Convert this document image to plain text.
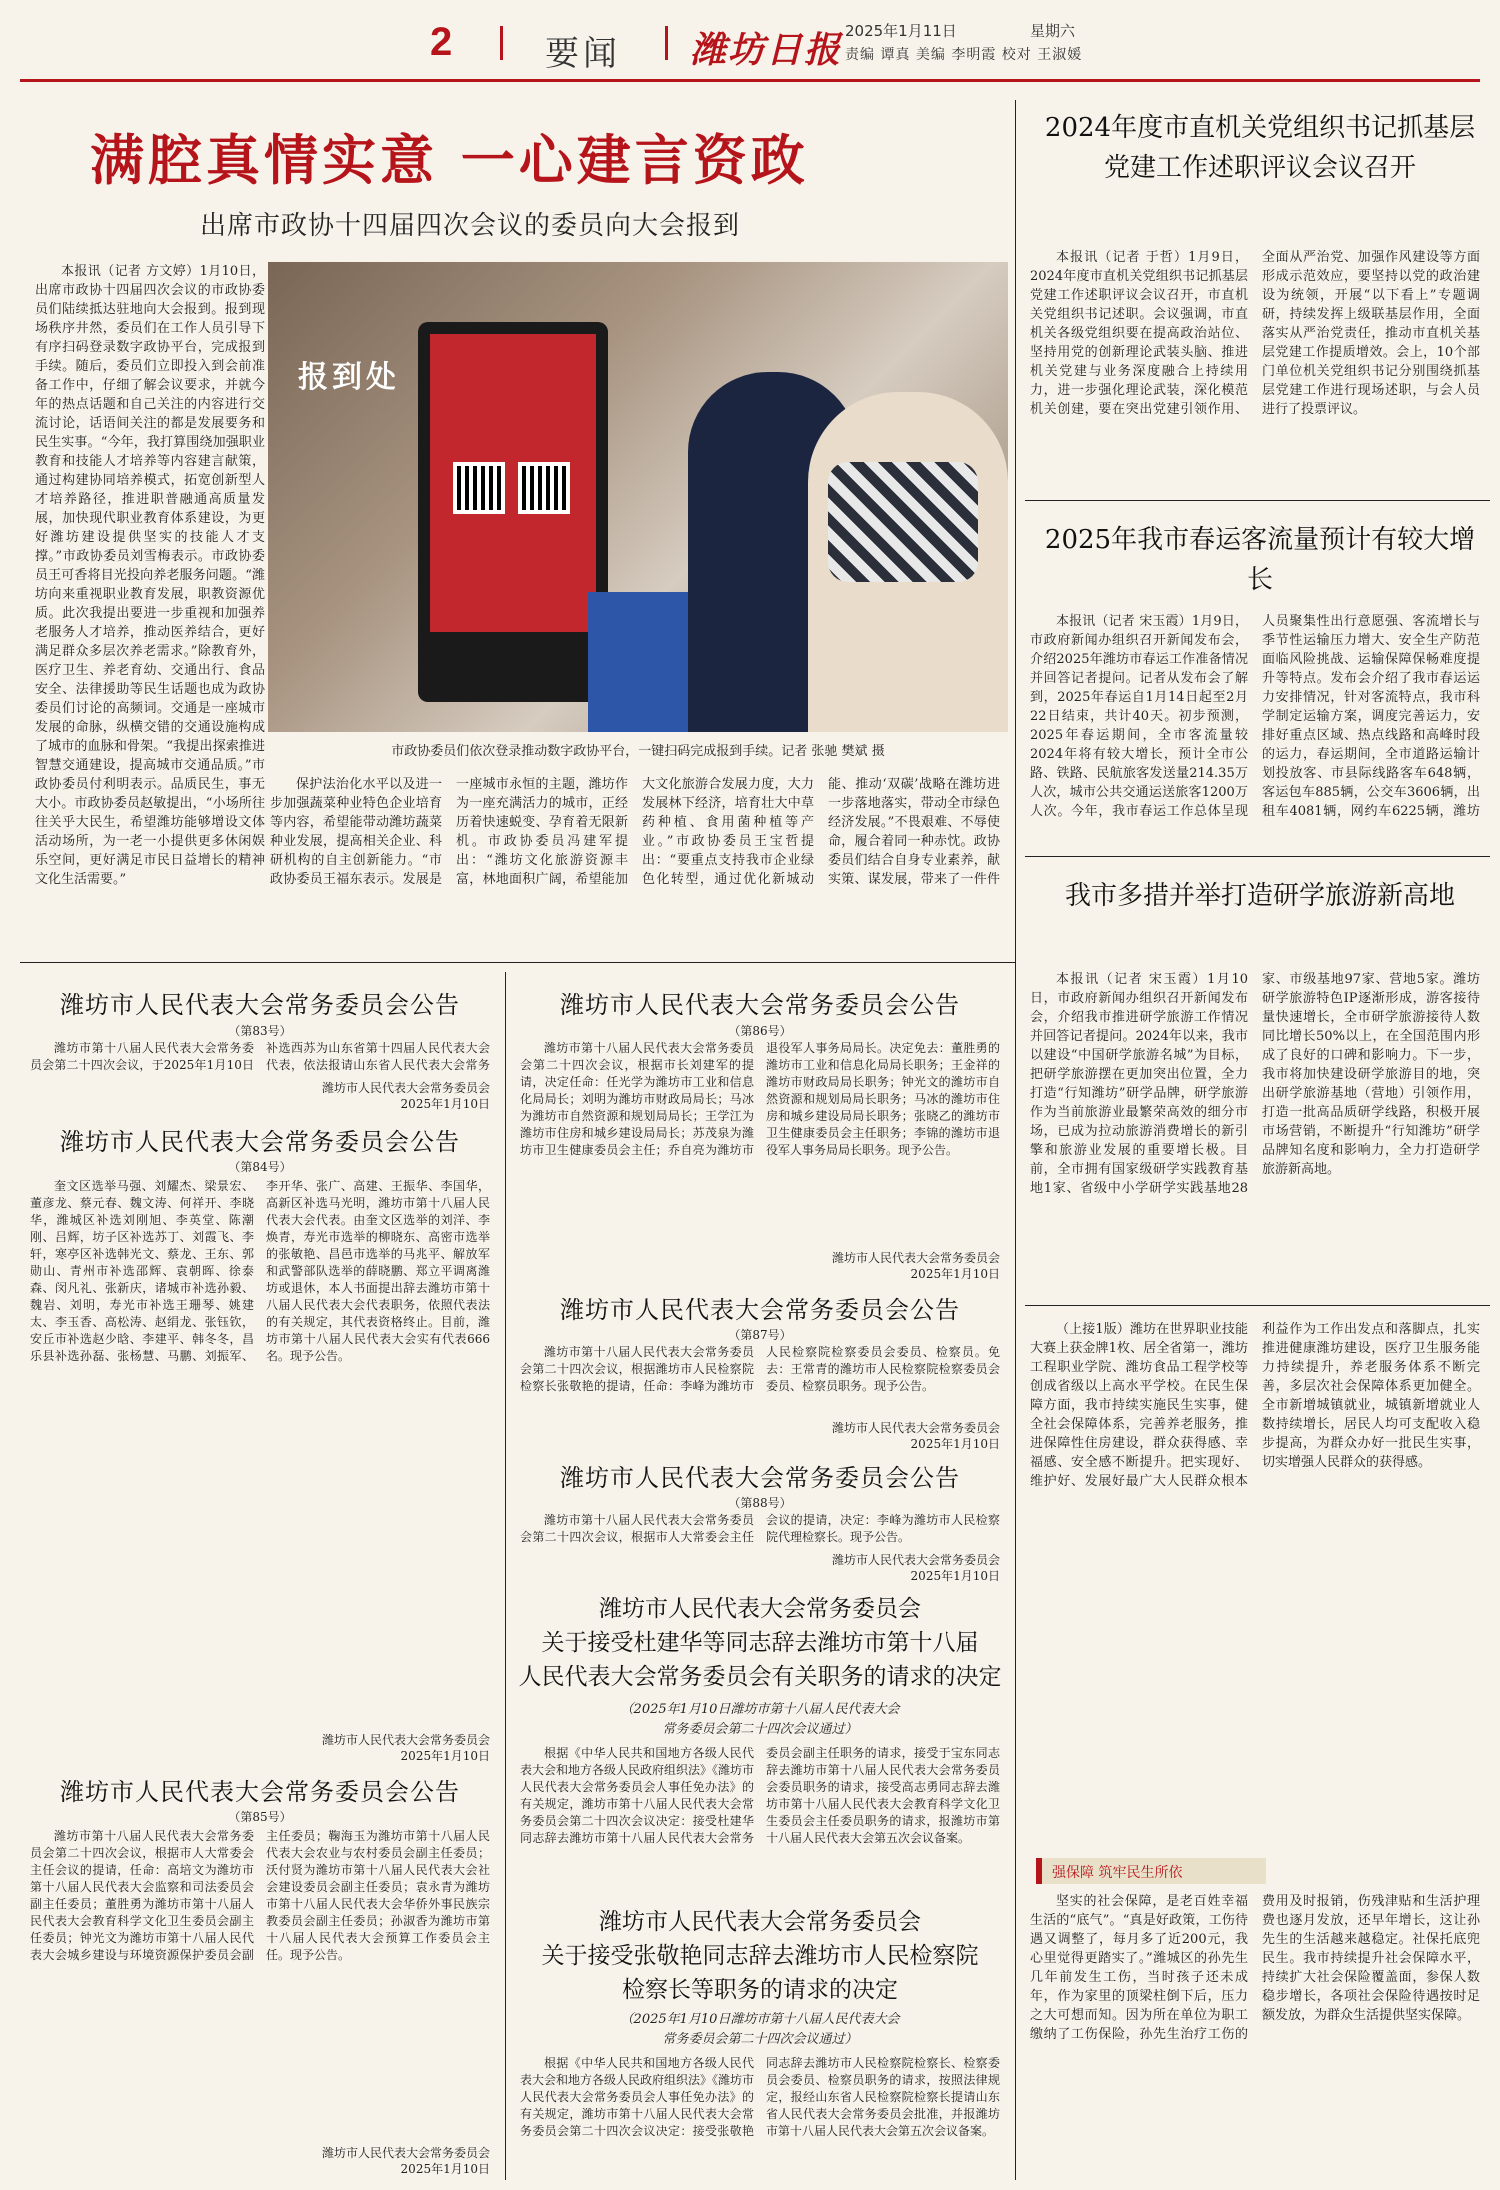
2	要闻 潍坊日报 2025年1月11日	星期六
责编 谭真 美编 李明霞 校对 王淑媛
满腔真情实意 一心建言资政
出席市政协十四届四次会议的委员向大会报到

本报讯（记者 方文婷）1月10日，出席市政协十四届四次会议的市政协委员们陆续抵达驻地向大会报到。报到现场秩序井然，委员们在工作人员引导下有序扫码登录数字政协平台，完成报到手续。随后，委员们立即投入到会前准备工作中，仔细了解会议要求，并就今年的热点话题和自己关注的内容进行交流讨论，话语间关注的都是发展要务和民生实事。“今年，我打算围绕加强职业教育和技能人才培养等内容建言献策，通过构建协同培养模式，拓宽创新型人才培养路径，推进职普融通高质量发展，加快现代职业教育体系建设，为更好潍坊建设提供坚实的技能人才支撑。”市政协委员刘雪梅表示。市政协委员王可香将目光投向养老服务问题。“潍坊向来重视职业教育发展，职教资源优质。此次我提出要进一步重视和加强养老服务人才培养，推动医养结合，更好满足群众多层次养老需求。”除教育外，医疗卫生、养老育幼、交通出行、食品安全、法律援助等民生话题也成为政协委员们讨论的高频词。交通是一座城市发展的命脉，纵横交错的交通设施构成了城市的血脉和骨架。“我提出探索推进智慧交通建设，提高城市交通品质。”市政协委员付利明表示。品质民生，事无大小。市政协委员赵敏提出，“小场所往往关乎大民生，希望潍坊能够增设文体活动场所，为一老一小提供更多休闲娱乐空间，更好满足市民日益增长的精神文化生活需要。”

报到处
市政协委员们依次登录推动数字政协平台，一键扫码完成报到手续。记者 张驰 樊斌 摄

保护法治化水平以及进一步加强蔬菜种业特色企业培育等内容，希望能带动潍坊蔬菜种业发展，提高相关企业、科研机构的自主创新能力。“市政协委员王福东表示。发展是一座城市永恒的主题，潍坊作为一座充满活力的城市，正经历着快速蜕变、孕育着无限新机。市政协委员冯建军提出：“潍坊文化旅游资源丰富，林地面积广阔，希望能加大文化旅游合发展力度，大力发展林下经济，培育壮大中草药种植、食用菌种植等产业。”市政协委员王宝哲提出：“要重点支持我市企业绿色化转型，通过优化新城动能、推动‘双碳’战略在潍坊进一步落地落实，带动全市绿色经济发展。”不畏艰难、不辱使命，履合着同一种赤忱。政协委员们结合自身专业素养，献实策、谋发展，带来了一件件

2024年度市直机关党组织书记抓基层党建工作述职评议会议召开

本报讯（记者 于哲）1月9日，2024年度市直机关党组织书记抓基层党建工作述职评议会议召开，市直机关党组织书记述职。会议强调，市直机关各级党组织要在提高政治站位、坚持用党的创新理论武装头脑、推进机关党建与业务深度融合上持续用力，进一步强化理论武装，深化模范机关创建，要在突出党建引领作用、全面从严治党、加强作风建设等方面形成示范效应，要坚持以党的政治建设为统领，开展“以下看上”专题调研，持续发挥上级联基层作用，全面落实从严治党责任，推动市直机关基层党建工作提质增效。会上，10个部门单位机关党组织书记分别围绕抓基层党建工作进行现场述职，与会人员进行了投票评议。

2025年我市春运客流量预计有较大增长

本报讯（记者 宋玉霞）1月9日，市政府新闻办组织召开新闻发布会，介绍2025年潍坊市春运工作准备情况并回答记者提问。记者从发布会了解到，2025年春运自1月14日起至2月22日结束，共计40天。初步预测，2025年春运期间，全市客流量较2024年将有较大增长，预计全市公路、铁路、民航旅客发送量214.35万人次，城市公共交通运送旅客1200万人次。今年，我市春运工作总体呈现人员聚集性出行意愿强、客流增长与季节性运输压力增大、安全生产防范面临风险挑战、运输保障保畅难度提升等特点。发布会介绍了我市春运运力安排情况，针对客流特点，我市科学制定运输方案，调度完善运力，安排好重点区域、热点线路和高峰时段的运力，春运期间，全市道路运输计划投放客、市县际线路客车648辆，客运包车885辆，公交车3606辆，出租车4081辆，网约车6225辆，潍坊

我市多措并举打造研学旅游新高地

本报讯（记者 宋玉霞）1月10日，市政府新闻办组织召开新闻发布会，介绍我市推进研学旅游工作情况并回答记者提问。2024年以来，我市以建设“中国研学旅游名城”为目标，把研学旅游摆在更加突出位置，全力打造“行知潍坊”研学品牌，研学旅游作为当前旅游业最繁荣高效的细分市场，已成为拉动旅游消费增长的新引擎和旅游业发展的重要增长极。目前，全市拥有国家级研学实践教育基地1家、省级中小学研学实践基地28家、市级基地97家、营地5家。潍坊研学旅游特色IP逐渐形成，游客接待量快速增长，全市研学旅游接待人数同比增长50%以上，在全国范围内形成了良好的口碑和影响力。下一步，我市将加快建设研学旅游目的地，突出研学旅游基地（营地）引领作用，打造一批高品质研学线路，积极开展市场营销，不断提升“行知潍坊”研学品牌知名度和影响力，全力打造研学旅游新高地。

（上接1版）潍坊在世界职业技能大赛上获金牌1枚、居全省第一，潍坊工程职业学院、潍坊食品工程学校等创成省级以上高水平学校。在民生保障方面，我市持续实施民生实事，健全社会保障体系，完善养老服务，推进保障性住房建设，群众获得感、幸福感、安全感不断提升。把实现好、维护好、发展好最广大人民群众根本利益作为工作出发点和落脚点，扎实推进健康潍坊建设，医疗卫生服务能力持续提升，养老服务体系不断完善，多层次社会保障体系更加健全。全市新增城镇就业，城镇新增就业人数持续增长，居民人均可支配收入稳步提高，为群众办好一批民生实事，切实增强人民群众的获得感。

强保障 筑牢民生所依

坚实的社会保障，是老百姓幸福生活的“底气”。“真是好政策，工伤待遇又调整了，每月多了近200元，我心里觉得更踏实了。”潍城区的孙先生几年前发生工伤，当时孩子还未成年，作为家里的顶梁柱倒下后，压力之大可想而知。因为所在单位为职工缴纳了工伤保险，孙先生治疗工伤的费用及时报销，伤残津贴和生活护理费也逐月发放，还早年增长，这让孙先生的生活越来越稳定。社保托底兜民生。我市持续提升社会保障水平，持续扩大社会保险覆盖面，参保人数稳步增长，各项社会保险待遇按时足额发放，为群众生活提供坚实保障。

潍坊市人民代表大会常务委员会公告
（第83号）

潍坊市第十八届人民代表大会常务委员会第二十四次会议，于2025年1月10日补选西苏为山东省第十四届人民代表大会代表，依法报请山东省人民代表大会常务

潍坊市人民代表大会常务委员会
2025年1月10日
潍坊市人民代表大会常务委员会公告
（第84号）

奎文区选举马强、刘耀杰、梁景宏、董彦龙、蔡元春、魏文涛、何祥开、李晓华，潍城区补选刘刚旭、李英堂、陈潮刚、吕辉，坊子区补选苏丁、刘霞飞、李轩，寒亭区补选韩光文、蔡龙、王东、郭勋山、青州市补选邵辉、袁朝晖、徐泰森、闵凡礼、张新庆，诸城市补选孙毅、魏岩、刘明，寿光市补选王珊琴、姚建太、李玉香、高松涛、赵绢龙、张钰钦，安丘市补选赵少晗、李建平、韩冬冬，昌乐县补选孙磊、张杨慧、马鹏、刘振军、李开华、张广、高建、王振华、李国华，高新区补选马光明，潍坊市第十八届人民代表大会代表。由奎文区选举的刘洋、李焕青，寿光市选举的柳晓东、高密市选举的张敏艳、昌邑市选举的马兆平、解放军和武警部队选举的薛晓鹏、郑立平调离潍坊或退休，本人书面提出辞去潍坊市第十八届人民代表大会代表职务，依照代表法的有关规定，其代表资格终止。目前，潍坊市第十八届人民代表大会实有代表666名。现予公告。

潍坊市人民代表大会常务委员会
2025年1月10日
潍坊市人民代表大会常务委员会公告
（第85号）

潍坊市第十八届人民代表大会常务委员会第二十四次会议，根据市人大常委会主任会议的提请，任命：高培文为潍坊市第十八届人民代表大会监察和司法委员会副主任委员；董胜勇为潍坊市第十八届人民代表大会教育科学文化卫生委员会副主任委员；钟光文为潍坊市第十八届人民代表大会城乡建设与环境资源保护委员会副主任委员；鞠海玉为潍坊市第十八届人民代表大会农业与农村委员会副主任委员；沃付贤为潍坊市第十八届人民代表大会社会建设委员会副主任委员；袁永青为潍坊市第十八届人民代表大会华侨外事民族宗教委员会副主任委员；孙淑香为潍坊市第十八届人民代表大会预算工作委员会主任。现予公告。

潍坊市人民代表大会常务委员会
2025年1月10日
潍坊市人民代表大会常务委员会公告
（第86号）

潍坊市第十八届人民代表大会常务委员会第二十四次会议，根据市长刘建军的提请，决定任命：任光学为潍坊市工业和信息化局局长；刘明为潍坊市财政局局长；马冰为潍坊市自然资源和规划局局长；王学江为潍坊市住房和城乡建设局局长；苏茂泉为潍坊市卫生健康委员会主任；乔自亮为潍坊市退役军人事务局局长。决定免去：董胜勇的潍坊市工业和信息化局局长职务；王金祥的潍坊市财政局局长职务；钟光文的潍坊市自然资源和规划局局长职务；马冰的潍坊市住房和城乡建设局局长职务；张晓乙的潍坊市卫生健康委员会主任职务；李锦的潍坊市退役军人事务局局长职务。现予公告。

潍坊市人民代表大会常务委员会
2025年1月10日
潍坊市人民代表大会常务委员会公告
（第87号）

潍坊市第十八届人民代表大会常务委员会第二十四次会议，根据潍坊市人民检察院检察长张敬艳的提请，任命：李峰为潍坊市人民检察院检察委员会委员、检察员。免去：王常青的潍坊市人民检察院检察委员会委员、检察员职务。现予公告。

潍坊市人民代表大会常务委员会
2025年1月10日
潍坊市人民代表大会常务委员会公告
（第88号）

潍坊市第十八届人民代表大会常务委员会第二十四次会议，根据市人大常委会主任会议的提请，决定：李峰为潍坊市人民检察院代理检察长。现予公告。

潍坊市人民代表大会常务委员会
2025年1月10日
潍坊市人民代表大会常务委员会
关于接受杜建华等同志辞去潍坊市第十八届
人民代表大会常务委员会有关职务的请求的决定
（2025年1月10日潍坊市第十八届人民代表大会
常务委员会第二十四次会议通过）

根据《中华人民共和国地方各级人民代表大会和地方各级人民政府组织法》《潍坊市人民代表大会常务委员会人事任免办法》的有关规定，潍坊市第十八届人民代表大会常务委员会第二十四次会议决定：接受杜建华同志辞去潍坊市第十八届人民代表大会常务委员会副主任职务的请求，接受于宝东同志辞去潍坊市第十八届人民代表大会常务委员会委员职务的请求，接受高志勇同志辞去潍坊市第十八届人民代表大会教育科学文化卫生委员会主任委员职务的请求，报潍坊市第十八届人民代表大会第五次会议备案。

潍坊市人民代表大会常务委员会
关于接受张敬艳同志辞去潍坊市人民检察院
检察长等职务的请求的决定
（2025年1月10日潍坊市第十八届人民代表大会
常务委员会第二十四次会议通过）

根据《中华人民共和国地方各级人民代表大会和地方各级人民政府组织法》《潍坊市人民代表大会常务委员会人事任免办法》的有关规定，潍坊市第十八届人民代表大会常务委员会第二十四次会议决定：接受张敬艳同志辞去潍坊市人民检察院检察长、检察委员会委员、检察员职务的请求，按照法律规定，报经山东省人民检察院检察长提请山东省人民代表大会常务委员会批准，并报潍坊市第十八届人民代表大会第五次会议备案。
